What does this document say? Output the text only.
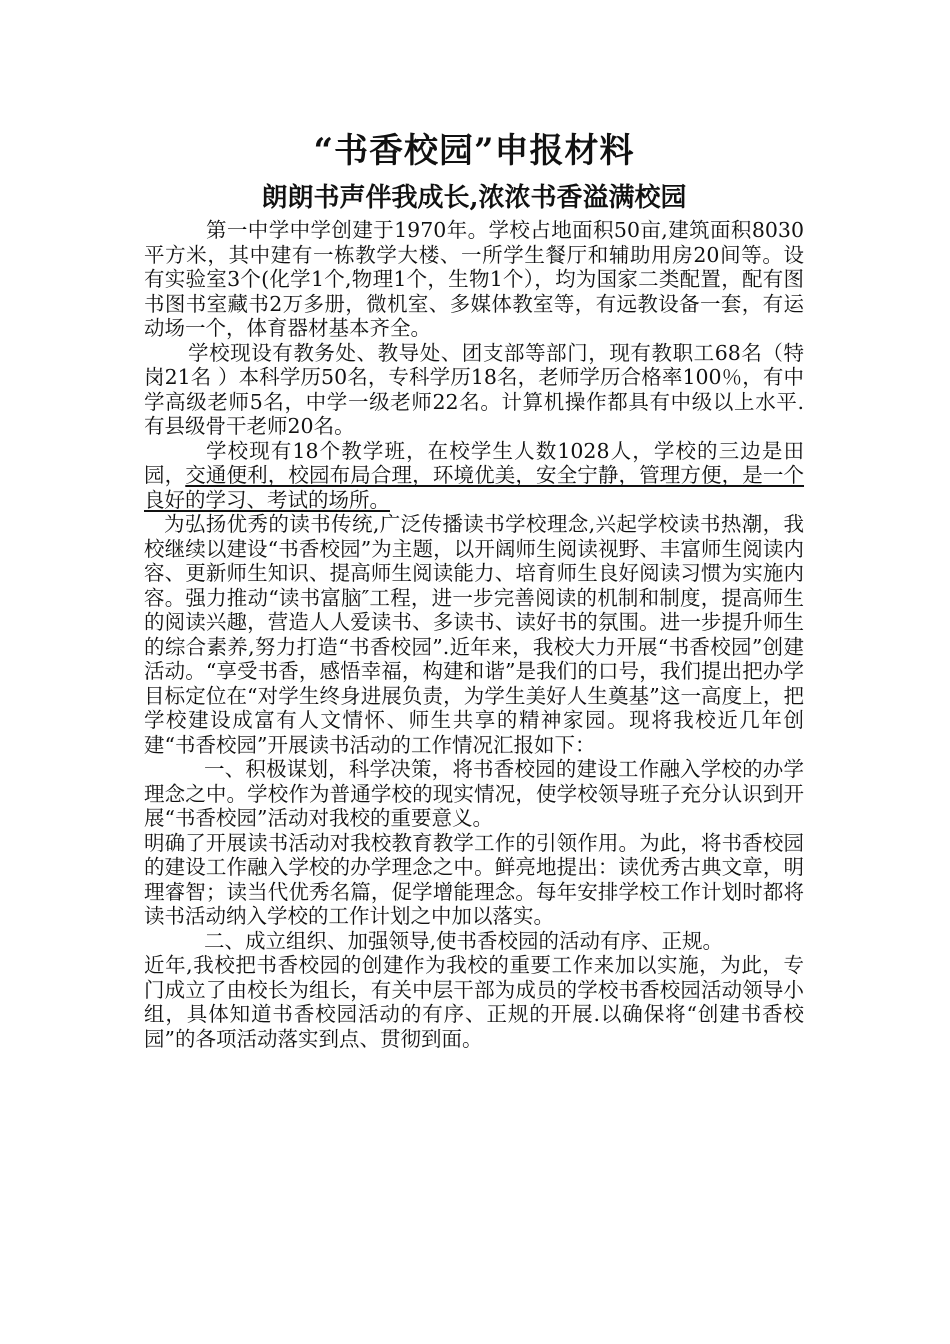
“书香校园”申报材料
朗朗书声伴我成长,浓浓书香溢满校园

第一中学中学创建于1970年。学校占地面积50亩,建筑面积8030平方米，其中建有一栋教学大楼、一所学生餐厅和辅助用房20间等。设有实验室3个(化学1个,物理1个，生物1个），均为国家二类配置，配有图书图书室藏书2万多册，微机室、多媒体教室等，有远教设备一套，有运动场一个，体育器材基本齐全。

学校现设有教务处、教导处、团支部等部门，现有教职工68名（特岗21名 ）本科学历50名，专科学历18名，老师学历合格率100％，有中学高级老师5名，中学一级老师22名。计算机操作都具有中级以上水平.有县级骨干老师20名。

学校现有18个教学班，在校学生人数1028人，学校的三边是田园，交通便利，校园布局合理，环境优美，安全宁静，管理方便，是一个良好的学习、考试的场所。

为弘扬优秀的读书传统,广泛传播读书学校理念,兴起学校读书热潮，我校继续以建设“书香校园”为主题，以开阔师生阅读视野、丰富师生阅读内容、更新师生知识、提高师生阅读能力、培育师生良好阅读习惯为实施内容。强力推动“读书富脑″工程，进一步完善阅读的机制和制度，提高师生的阅读兴趣，营造人人爱读书、多读书、读好书的氛围。进一步提升师生的综合素养,努力打造“书香校园”.近年来，我校大力开展“书香校园”创建活动。“享受书香，感悟幸福，构建和谐”是我们的口号，我们提出把办学目标定位在“对学生终身进展负责，为学生美好人生奠基”这一高度上，把学校建设成富有人文情怀、师生共享的精神家园。现将我校近几年创建“书香校园”开展读书活动的工作情况汇报如下：

一、积极谋划，科学决策，将书香校园的建设工作融入学校的办学理念之中。学校作为普通学校的现实情况，使学校领导班子充分认识到开展“书香校园”活动对我校的重要意义。

明确了开展读书活动对我校教育教学工作的引领作用。为此，将书香校园的建设工作融入学校的办学理念之中。鲜亮地提出：读优秀古典文章，明理睿智；读当代优秀名篇，促学增能理念。每年安排学校工作计划时都将读书活动纳入学校的工作计划之中加以落实。

二、成立组织、加强领导,使书香校园的活动有序、正规。

近年,我校把书香校园的创建作为我校的重要工作来加以实施，为此，专门成立了由校长为组长，有关中层干部为成员的学校书香校园活动领导小组，具体知道书香校园活动的有序、正规的开展.以确保将“创建书香校园”的各项活动落实到点、贯彻到面。
